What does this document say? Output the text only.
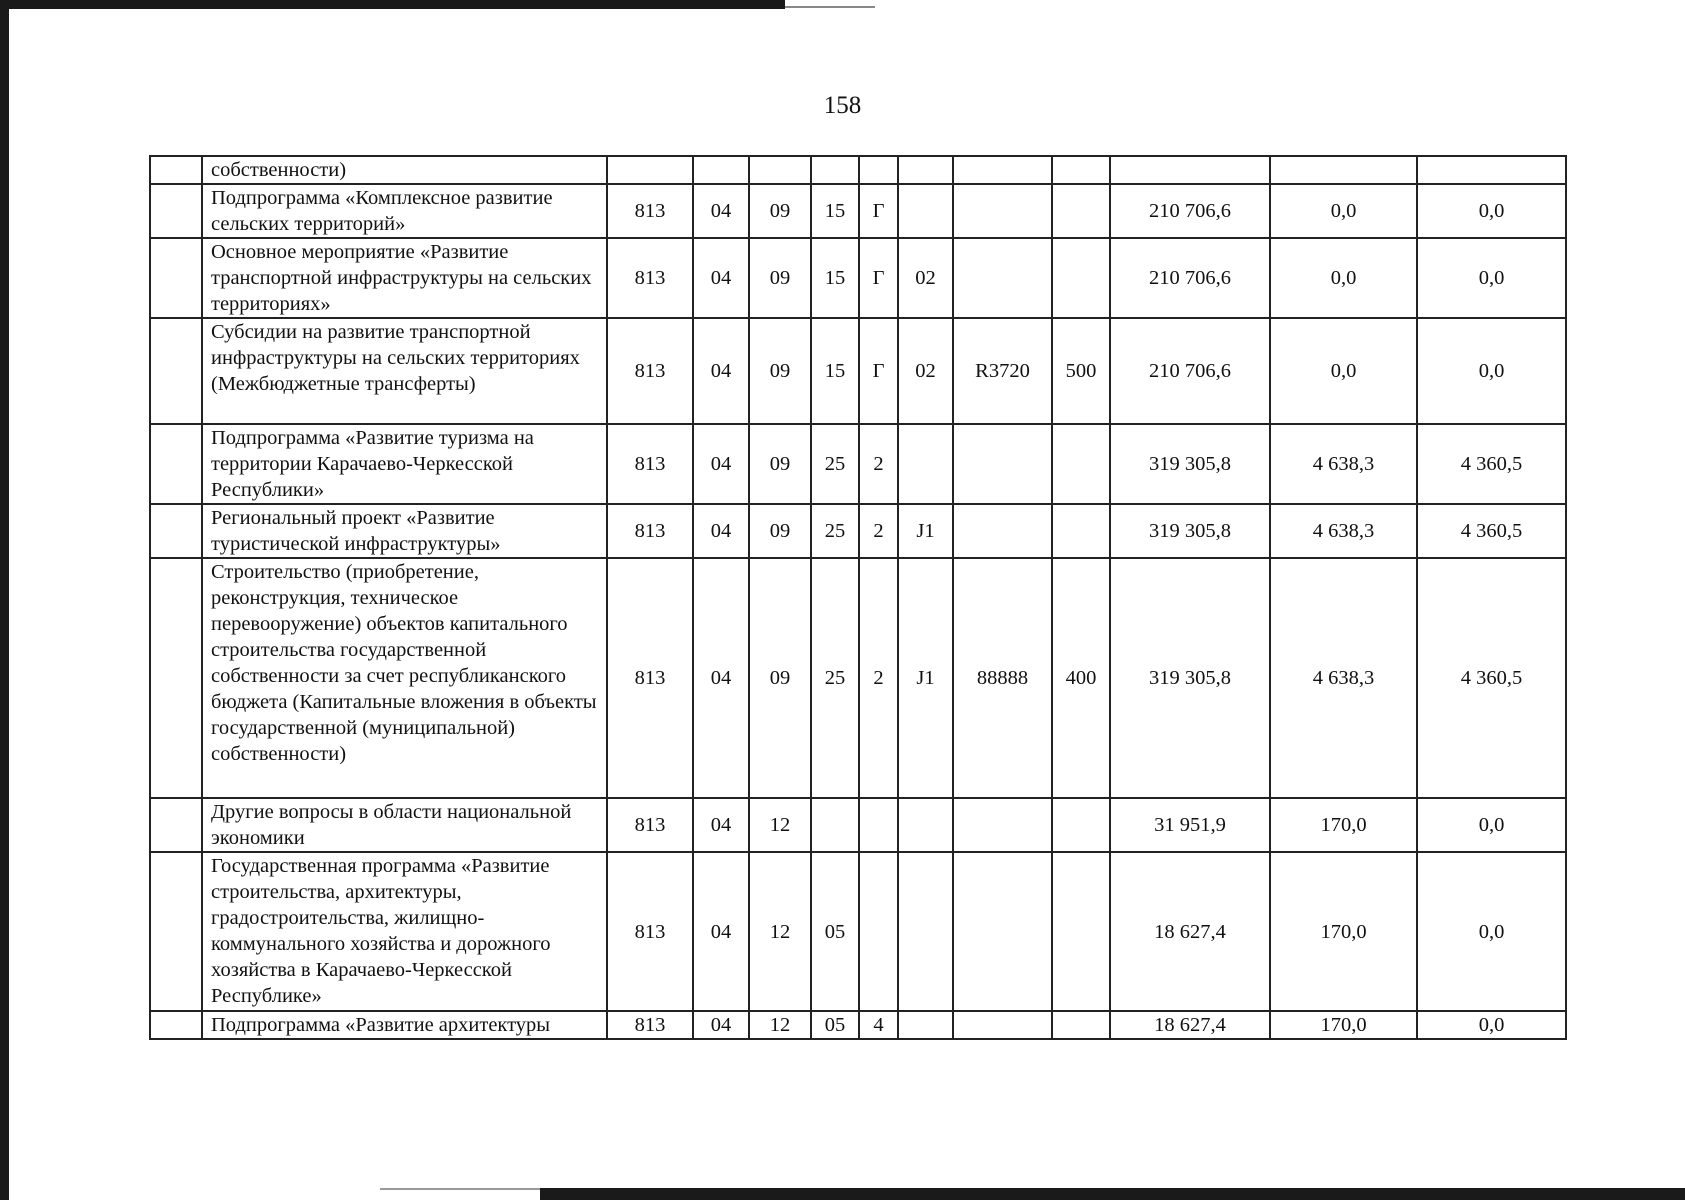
158
	собственности)											
	Подпрограмма «Комплексное развитие сельских территорий»	813	04	09	15	Г				210 706,6	0,0	0,0
	Основное мероприятие «Развитие транспортной инфраструктуры на сельских территориях»	813	04	09	15	Г	02			210 706,6	0,0	0,0
	Субсидии на развитие транспортной инфраструктуры на сельских территориях (Межбюджетные трансферты)	813	04	09	15	Г	02	R3720	500	210 706,6	0,0	0,0
	Подпрограмма «Развитие туризма на территории Карачаево-Черкесской Республики»	813	04	09	25	2				319 305,8	4 638,3	4 360,5
	Региональный проект «Развитие туристической инфраструктуры»	813	04	09	25	2	J1			319 305,8	4 638,3	4 360,5
	Строительство (приобретение, реконструкция, техническое перевооружение) объектов капитального строительства государственной собственности за счет республиканского бюджета (Капитальные вложения в объекты государственной (муниципальной) собственности)	813	04	09	25	2	J1	88888	400	319 305,8	4 638,3	4 360,5
	Другие вопросы в области национальной экономики	813	04	12						31 951,9	170,0	0,0
	Государственная программа «Развитие строительства, архитектуры, градостроительства, жилищно-коммунального хозяйства и дорожного хозяйства в Карачаево-Черкесской Республике»	813	04	12	05					18 627,4	170,0	0,0
	Подпрограмма «Развитие архитектуры	813	04	12	05	4				18 627,4	170,0	0,0
